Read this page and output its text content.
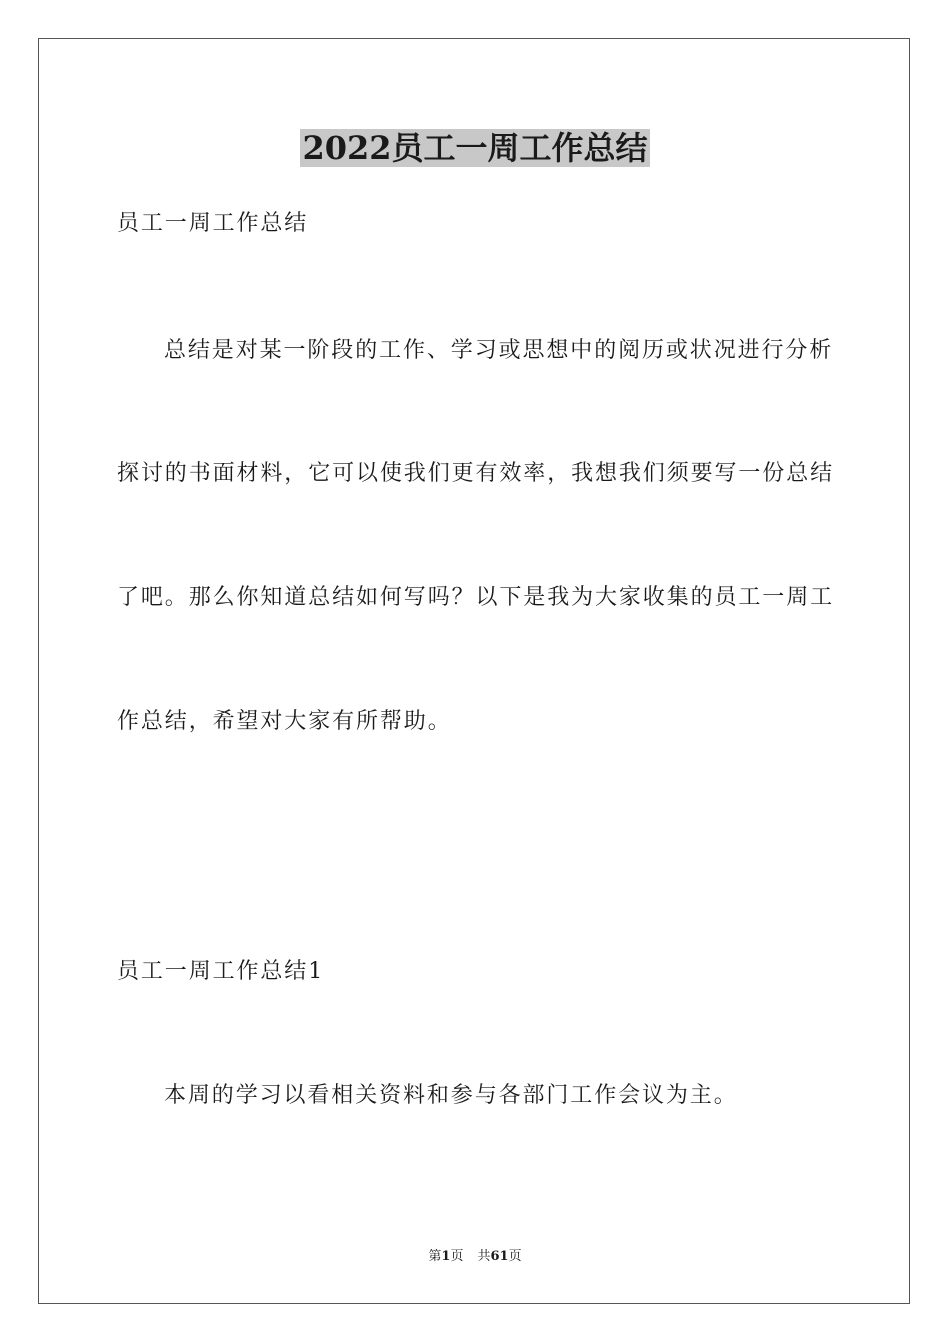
2022员工一周工作总结
员工一周工作总结
总结是对某一阶段的工作、学习或思想中的阅历或状况进行分析
探讨的书面材料，它可以使我们更有效率，我想我们须要写一份总结
了吧。那么你知道总结如何写吗？以下是我为大家收集的员工一周工
作总结，希望对大家有所帮助。
员工一周工作总结1
本周的学习以看相关资料和参与各部门工作会议为主。
第1页 共61页
